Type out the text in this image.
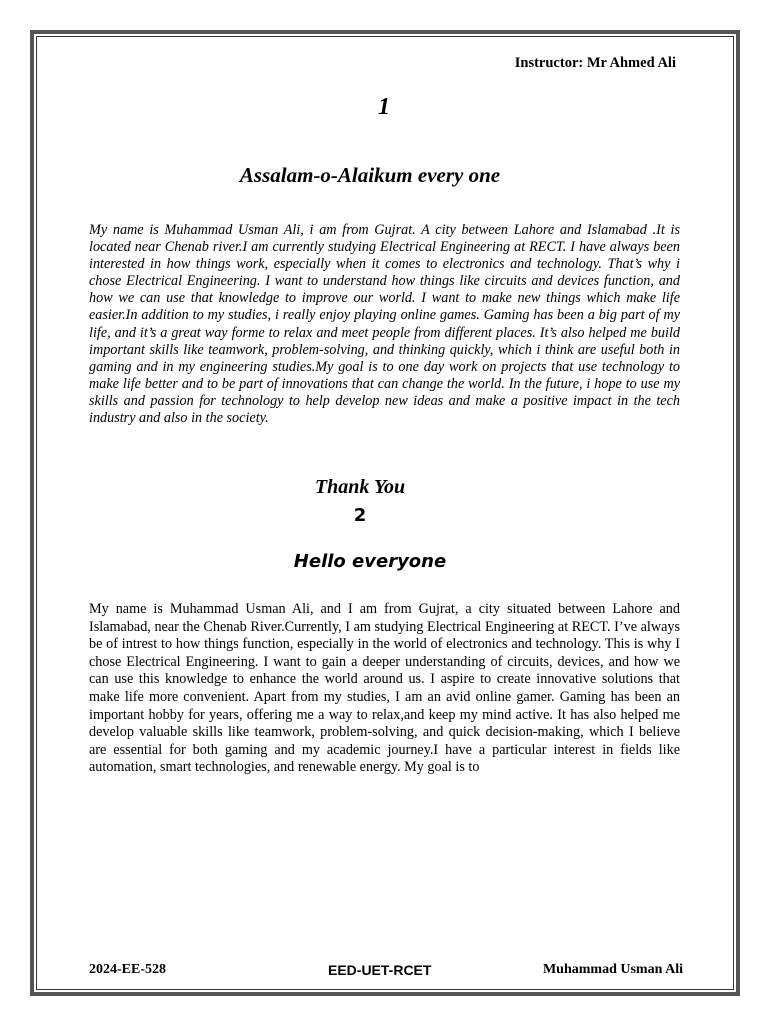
Instructor: Mr Ahmed Ali
1
Assalam-o-Alaikum every one
My name is Muhammad Usman Ali, i am from Gujrat. A city between Lahore and Islamabad .It is located near Chenab river.I am currently studying Electrical Engineering at RECT. I have always been interested in how things work, especially when it comes to electronics and technology. That’s why i chose Electrical Engineering. I want to understand how things like circuits and devices function, and how we can use that knowledge to improve our world. I want to make new things which make life easier.In addition to my studies, i really enjoy playing online games. Gaming has been a big part of my life, and it’s a great way forme to relax and meet people from different places. It’s also helped me build important skills like teamwork, problem-solving, and thinking quickly, which i think are useful both in gaming and in my engineering studies.My goal is to one day work on projects that use technology to make life better and to be part of innovations that can change the world. In the future, i hope to use my skills and passion for technology to help develop new ideas and make a positive impact in the tech industry and also in the society.
Thank You
2
Hello everyone
My name is Muhammad Usman Ali, and I am from Gujrat, a city situated between Lahore and Islamabad, near the Chenab River.Currently, I am studying Electrical Engineering at RECT. I’ve always be of intrest to how things function, especially in the world of electronics and technology. This is why I chose Electrical Engineering. I want to gain a deeper understanding of circuits, devices, and how we can use this knowledge to enhance the world around us. I aspire to create innovative solutions that make life more convenient. Apart from my studies, I am an avid online gamer. Gaming has been an important hobby for years, offering me a way to relax,and keep my mind active. It has also helped me develop valuable skills like teamwork, problem-solving, and quick decision-making, which I believe are essential for both gaming and my academic journey.I have a particular interest in fields like automation, smart technologies, and renewable energy. My goal is to
2024-EE-528	EED-UET-RCET	Muhammad Usman Ali
